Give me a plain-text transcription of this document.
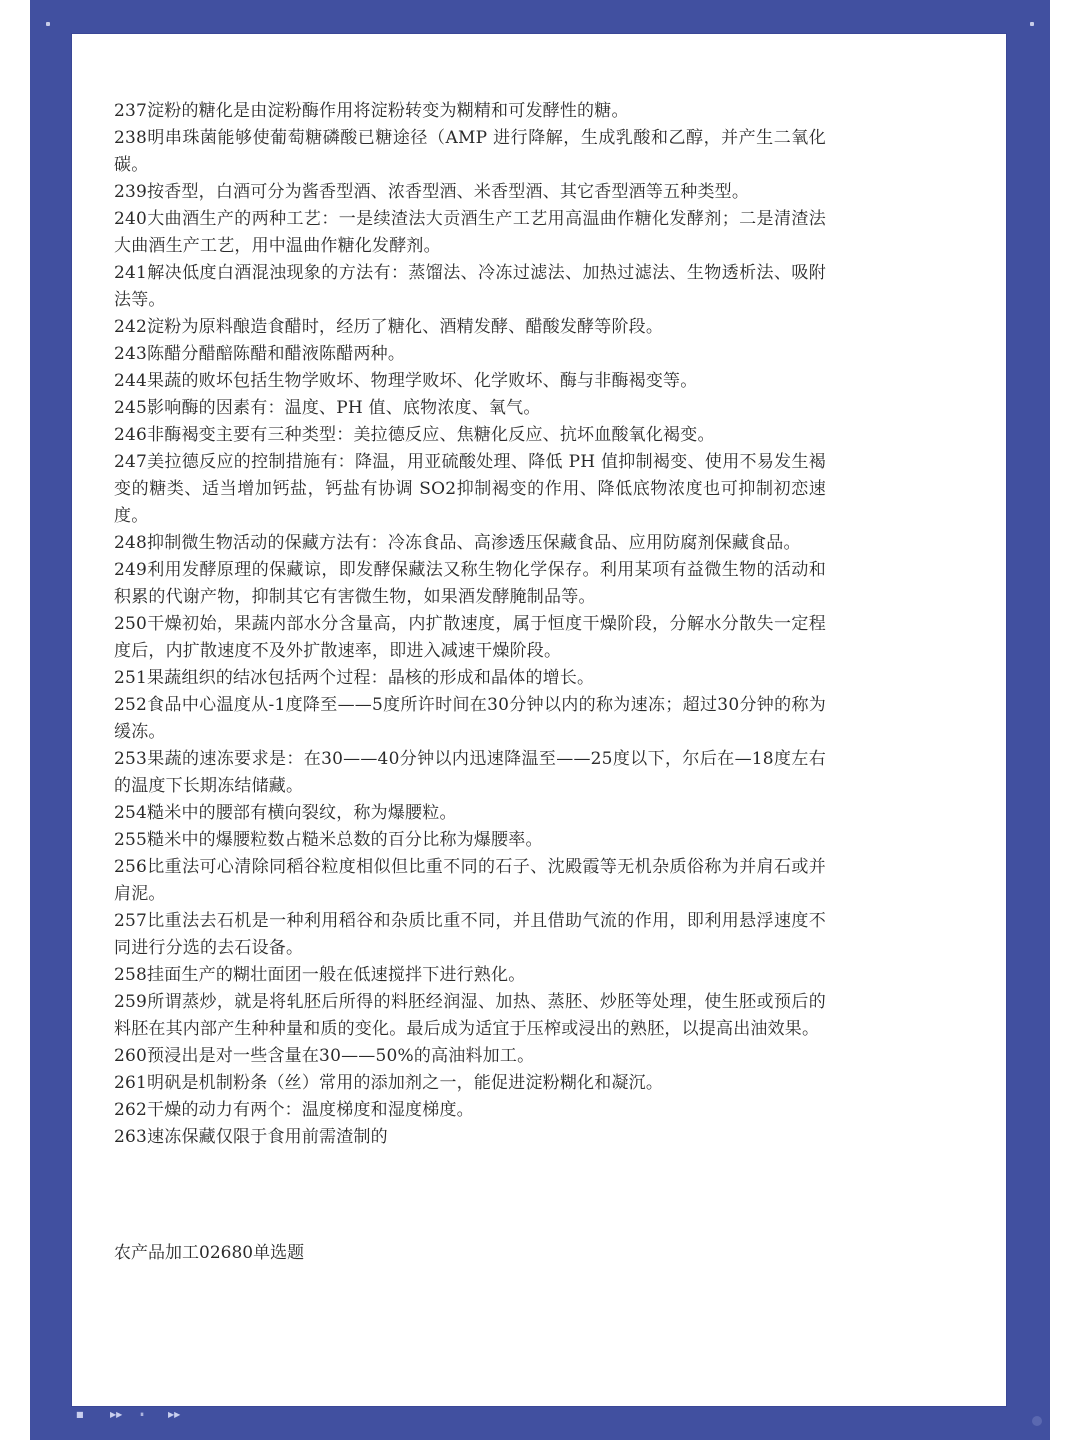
237淀粉的糖化是由淀粉酶作用将淀粉转变为糊精和可发酵性的糖。

238明串珠菌能够使葡萄糖磷酸已糖途径（AMP 进行降解，生成乳酸和乙醇，并产生二氧化碳。

239按香型，白酒可分为酱香型酒、浓香型酒、米香型酒、其它香型酒等五种类型。

240大曲酒生产的两种工艺：一是续渣法大贡酒生产工艺用高温曲作糖化发酵剂；二是清渣法大曲酒生产工艺，用中温曲作糖化发酵剂。

241解决低度白酒混浊现象的方法有：蒸馏法、冷冻过滤法、加热过滤法、生物透析法、吸附法等。

242淀粉为原料酿造食醋时，经历了糖化、酒精发酵、醋酸发酵等阶段。

243陈醋分醋醅陈醋和醋液陈醋两种。

244果蔬的败坏包括生物学败坏、物理学败坏、化学败坏、酶与非酶褐变等。

245影响酶的因素有：温度、PH 值、底物浓度、氧气。

246非酶褐变主要有三种类型：美拉德反应、焦糖化反应、抗坏血酸氧化褐变。

247美拉德反应的控制措施有：降温，用亚硫酸处理、降低 PH 值抑制褐变、使用不易发生褐变的糖类、适当增加钙盐，钙盐有协调 SO2抑制褐变的作用、降低底物浓度也可抑制初恋速度。

248抑制微生物活动的保藏方法有：冷冻食品、高渗透压保藏食品、应用防腐剂保藏食品。

249利用发酵原理的保藏谅，即发酵保藏法又称生物化学保存。利用某项有益微生物的活动和积累的代谢产物，抑制其它有害微生物，如果酒发酵腌制品等。

250干燥初始，果蔬内部水分含量高，内扩散速度，属于恒度干燥阶段，分解水分散失一定程度后，内扩散速度不及外扩散速率，即进入减速干燥阶段。

251果蔬组织的结冰包括两个过程：晶核的形成和晶体的增长。

252食品中心温度从-1度降至——5度所许时间在30分钟以内的称为速冻；超过30分钟的称为缓冻。

253果蔬的速冻要求是：在30——40分钟以内迅速降温至——25度以下，尔后在—18度左右的温度下长期冻结储藏。

254糙米中的腰部有横向裂纹，称为爆腰粒。

255糙米中的爆腰粒数占糙米总数的百分比称为爆腰率。

256比重法可心清除同稻谷粒度相似但比重不同的石子、沈殿霞等无机杂质俗称为并肩石或并肩泥。

257比重法去石机是一种利用稻谷和杂质比重不同，并且借助气流的作用，即利用悬浮速度不同进行分选的去石设备。

258挂面生产的糊壮面团一般在低速搅拌下进行熟化。

259所谓蒸炒，就是将轧胚后所得的料胚经润湿、加热、蒸胚、炒胚等处理，使生胚或预后的料胚在其内部产生种种量和质的变化。最后成为适宜于压榨或浸出的熟胚，以提高出油效果。

260预浸出是对一些含量在30——50%的高油料加工。

261明矾是机制粉条（丝）常用的添加剂之一，能促进淀粉糊化和凝沉。

262干燥的动力有两个：温度梯度和湿度梯度。

263速冻保藏仅限于食用前需渣制的

农产品加工02680单选题
■	▶▶ ⏸	▶▶
